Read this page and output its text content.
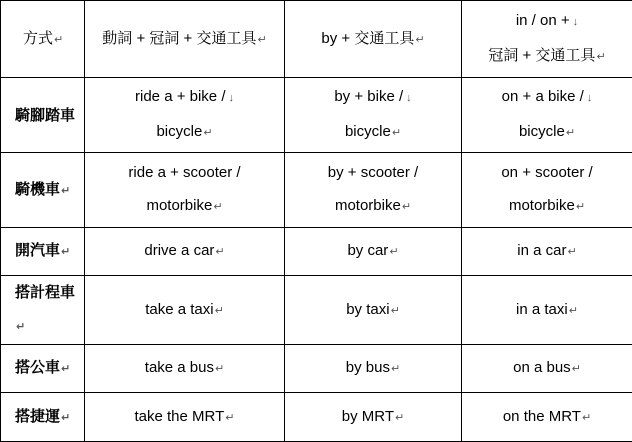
方式↵	動詞 + 冠詞 + 交通工具↵	by + 交通工具↵	in / on + ↓
冠詞 + 交通工具↵

騎腳踏車	ride a + bike / ↓
bicycle↵	by + bike / ↓
bicycle↵	on + a bike / ↓
bicycle↵

騎機車↵	ride a + scooter /
motorbike↵	by + scooter /
motorbike↵	on + scooter /
motorbike↵

開汽車↵	drive a car↵	by car↵	in a car↵
搭計程車↵	take a taxi↵	by taxi↵	in a taxi↵
搭公車↵	take a bus↵	by bus↵	on a bus↵
搭捷運↵	take the MRT↵	by MRT↵	on the MRT↵
